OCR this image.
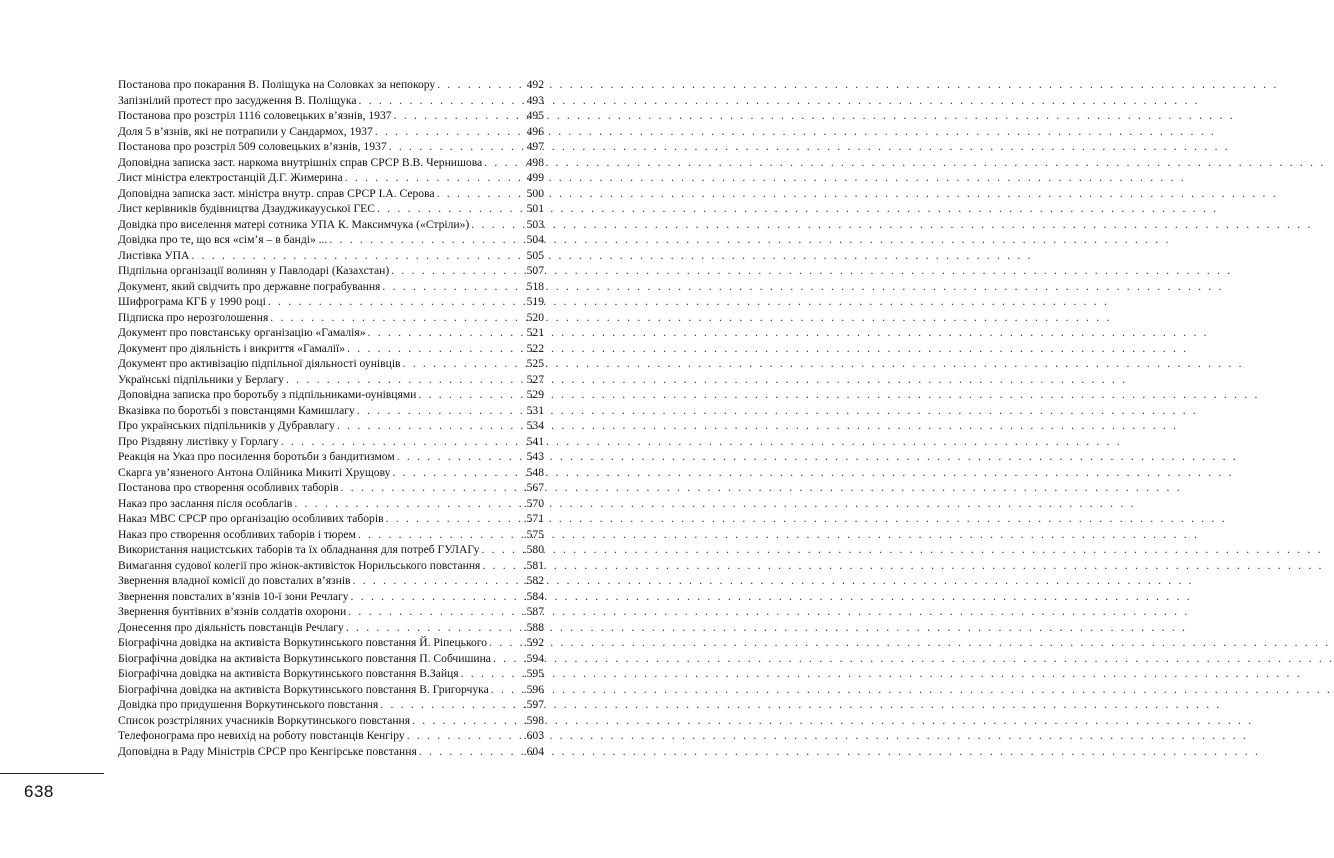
Постанова про покарання В. Поліщука на Соловках за непокору . . .	492
Запізнілий протест про засудження В. Поліщука . . .	493
Постанова про розстріл 1116 соловецьких в’язнів, 1937 . . .	495
Доля 5 в’язнів, які не потрапили у Сандармох, 1937 . . .	496
Постанова про розстріл 509 соловецьких в’язнів, 1937 . . .	497
Доповідна записка заст. наркома внутрішніх справ СРСР В.В. Чернишова . . .	498
Лист міністра електростанцій Д.Г. Жимерина . . .	499
Доповідна записка заст. міністра внутр. справ СРСР І.А. Серова . . .	500
Лист керівників будівництва Дзауджикаууської ГЕС . . .	501
Довідка про виселення матері сотника УПА К. Максимчука («Стріли») . . .	503
Довідка про те, що вся «сім’я – в банді» ... . . .	504
Листівка УПА . . .	505
Підпільна організації волинян у Павлодарі (Казахстан) . . .	507
Документ, який свідчить про державне пограбування . . .	518
Шифрограма КГБ у 1990 році . . .	519
Підписка про нерозголошення . . .	520
Документ про повстанську організацію «Гамалія» . . .	521
Документ про діяльність і викриття «Гамалії» . . .	522
Документ про активізацію підпільної діяльності оунівців . . .	525
Українські підпільники у Берлагу . . .	527
Доповідна записка про боротьбу з підпільниками-оунівцями . . .	529
Вказівка по боротьбі з повстанцями Камишлагу . . .	531
Про українських підпільників у Дубравлагу . . .	534
Про Різдвяну листівку у Горлагу . . .	541
Реакція на Указ про посилення боротьби з бандитизмом . . .	543
Скарга ув’язненого Антона Олійника Микиті Хрущову . . .	548
Постанова про створення особливих таборів . . .	.567
Наказ про заслання після особлагів . . .	.570
Наказ МВС СРСР про організацію особливих таборів . . .	.571
Наказ про створення особливих таборів і тюрем . . .	.575
Використання нацистських таборів та їх обладнання для потреб ГУЛАГу . . .	.580
Вимагання судової колегії про жінок-активісток Норильського повстання . . .	.581
Звернення владної комісії до повсталих в’язнів . . .	.582
Звернення повсталих в’язнів 10-ї зони Речлагу . . .	.584
Звернення бунтівних в’язнів солдатів охорони . . .	.587
Донесення про діяльність повстанців Речлагу . . .	.588
Біографічна довідка на активіста Воркутинського повстання Й. Ріпецького . . .	.592
Біографічна довідка на активіста Воркутинського повстання П. Собчишина . . .	.594
Біографічна довідка на активіста Воркутинського повстання В.Зайця . . .	.595
Біографічна довідка на активіста Воркутинського повстання В. Григорчука . . .	.596
Довідка про придушення Воркутинського повстання . . .	.597
Список розстріляних учасників Воркутинського повстання . . .	.598
Телефонограма про невихід на роботу повстанців Кенгіру . . .	.603
Доповідна в Раду Міністрів СРСР про Кенгірське повстання . . .	.604
638
